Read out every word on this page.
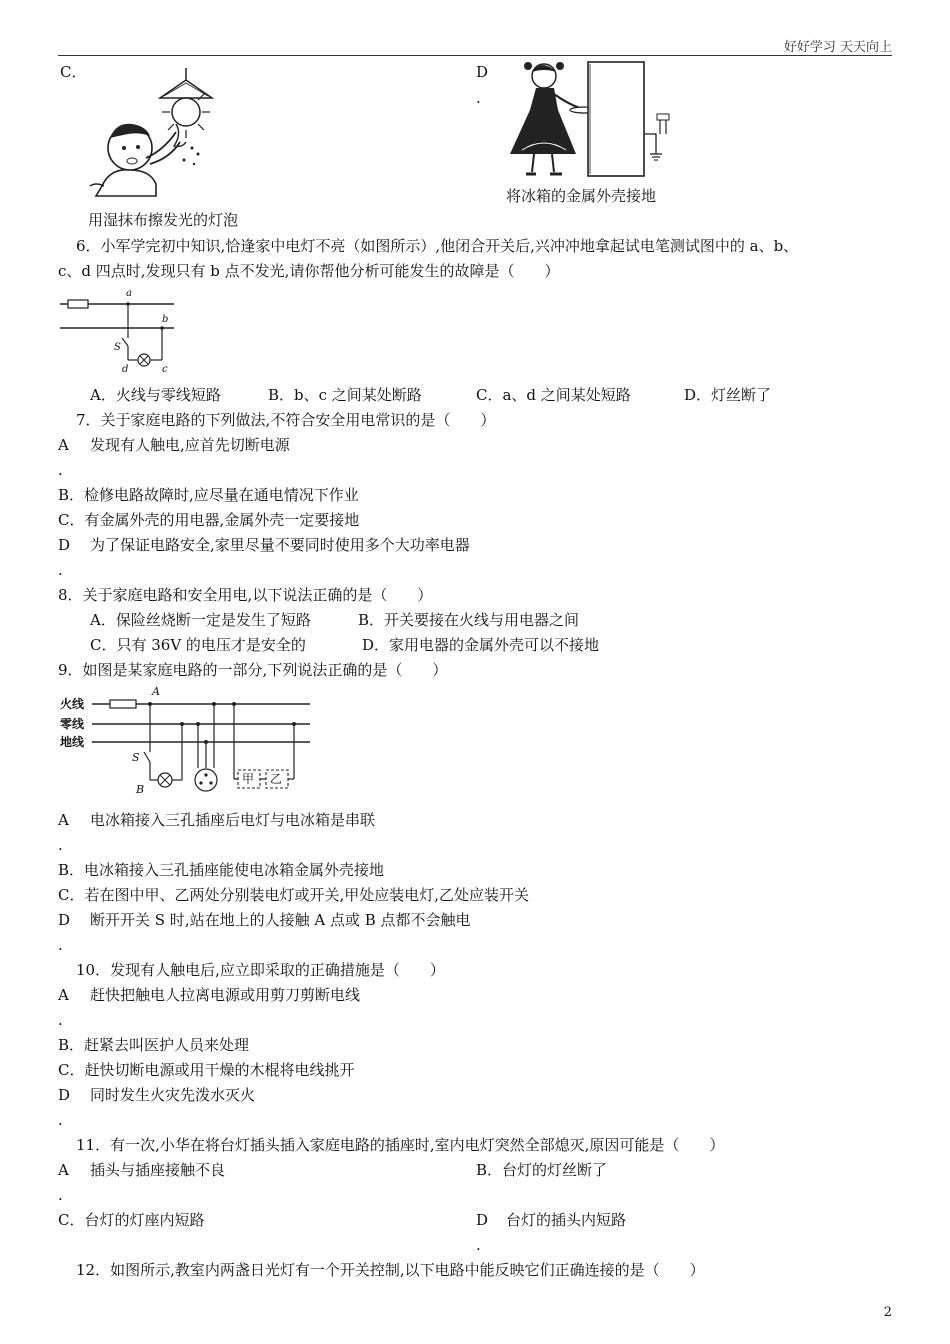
好好学习 天天向上
C．
用湿抹布擦发光的灯泡
D
.
将冰箱的金属外壳接地
6．小军学完初中知识,恰逢家中电灯不亮（如图所示）,他闭合开关后,兴冲冲地拿起试电笔测试图中的 a、b、
c、d 四点时,发现只有 b 点不发光,请你帮他分析可能发生的故障是（　　）
a
b
c
d
S
A．火线与零线短路	B．b、c 之间某处断路	C．a、d 之间某处短路	D．灯丝断了
7．关于家庭电路的下列做法,不符合安全用电常识的是（　　）
A 发现有人触电,应首先切断电源
.
B．检修电路故障时,应尽量在通电情况下作业
C．有金属外壳的用电器,金属外壳一定要接地
D 为了保证电路安全,家里尽量不要同时使用多个大功率电器
.
8．关于家庭电路和安全用电,以下说法正确的是（　　）
A．保险丝烧断一定是发生了短路	B．开关要接在火线与用电器之间
C．只有 36V 的电压才是安全的	D．家用电器的金属外壳可以不接地
9．如图是某家庭电路的一部分,下列说法正确的是（　　）
火线
零线
地线
A
B
S
甲 乙
A 电冰箱接入三孔插座后电灯与电冰箱是串联
.
B．电冰箱接入三孔插座能使电冰箱金属外壳接地
C．若在图中甲、乙两处分别装电灯或开关,甲处应装电灯,乙处应装开关
D 断开开关 S 时,站在地上的人接触 A 点或 B 点都不会触电
.
10．发现有人触电后,应立即采取的正确措施是（　　）
A 赶快把触电人拉离电源或用剪刀剪断电线
.
B．赶紧去叫医护人员来处理
C．赶快切断电源或用干燥的木棍将电线挑开
D 同时发生火灾先泼水灭火
.
11．有一次,小华在将台灯插头插入家庭电路的插座时,室内电灯突然全部熄灭,原因可能是（　　）
A 插头与插座接触不良
.
B．台灯的灯丝断了
C．台灯的灯座内短路	D 台灯的插头内短路
.
12．如图所示,教室内两盏日光灯有一个开关控制,以下电路中能反映它们正确连接的是（　　）
2
